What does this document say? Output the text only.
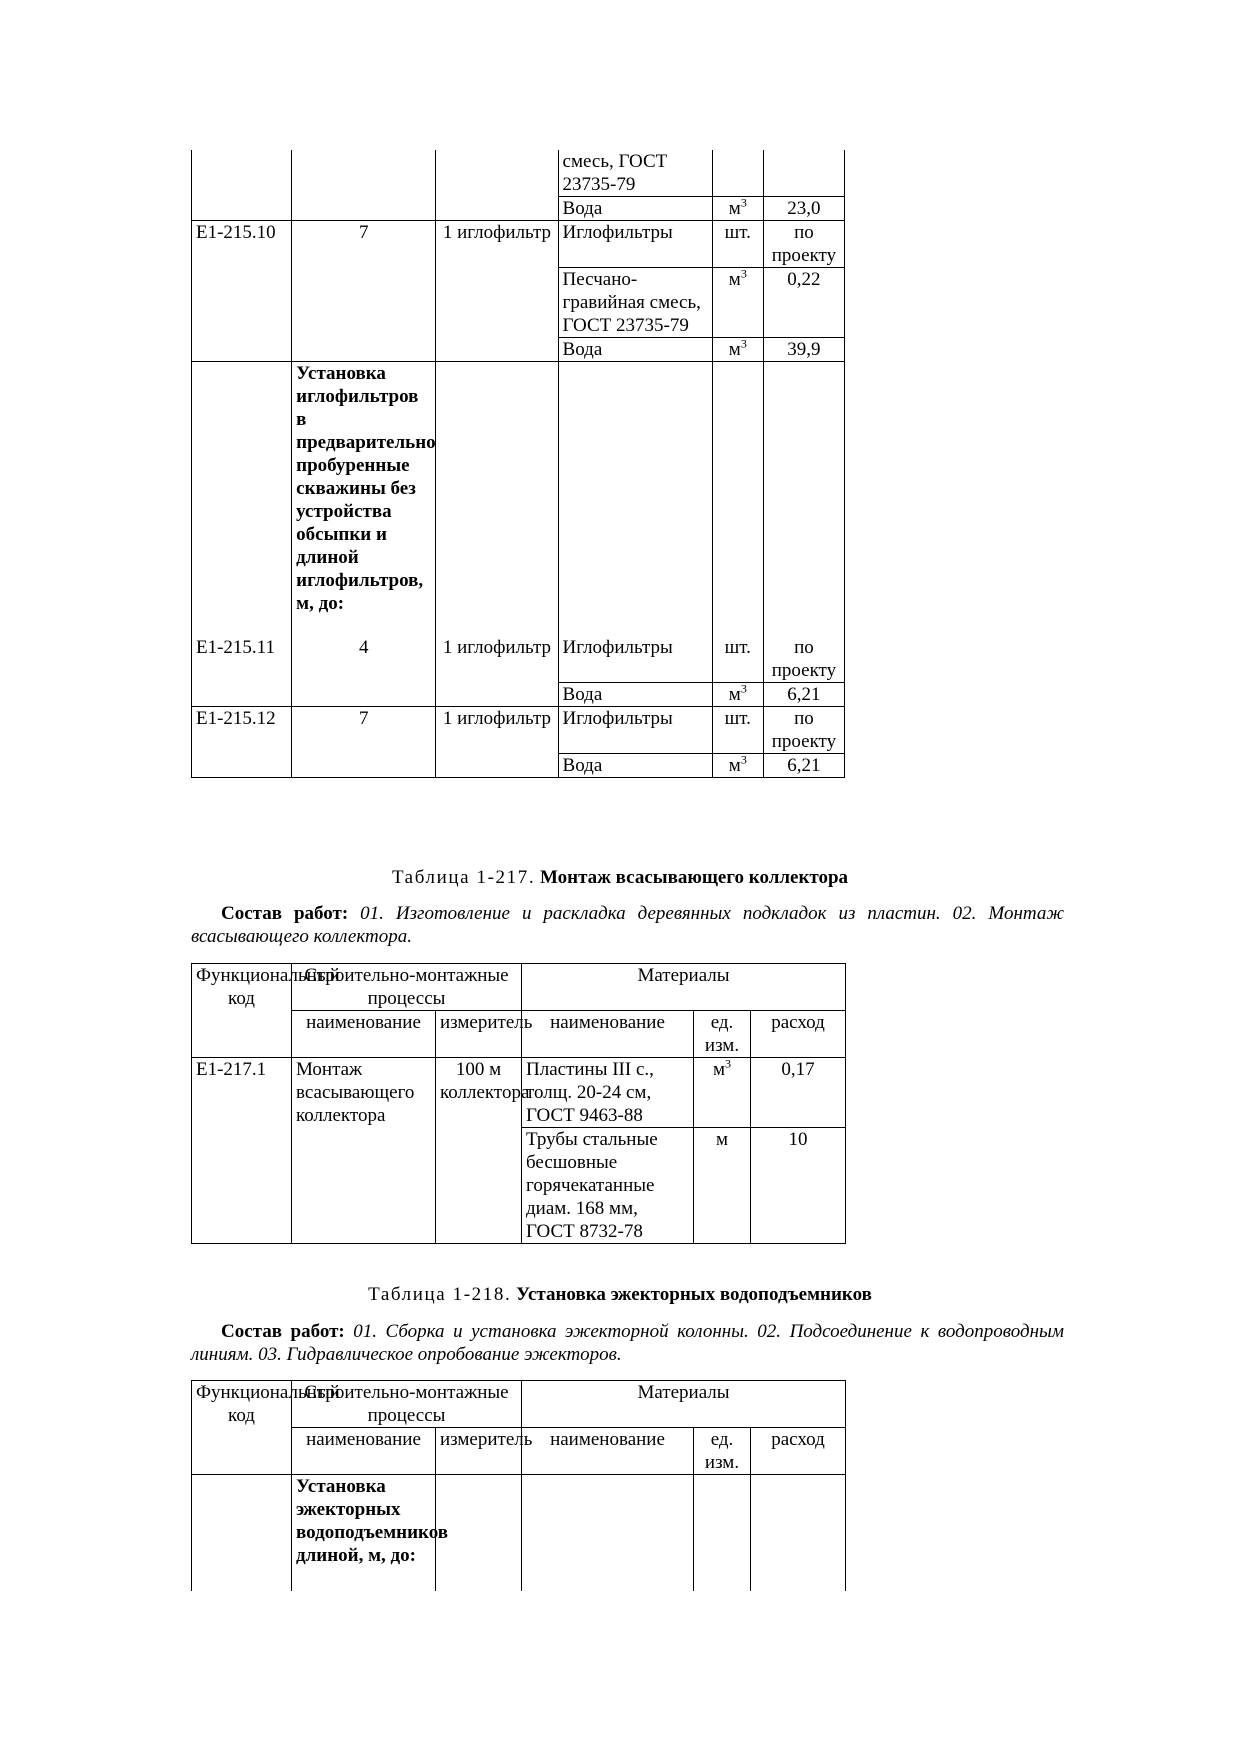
			смесь, ГОСТ 23735-79		
			Вода	$м^3$	23,0
Е1-215.10	7	1 иглофильтр	Иглофильтры	шт.	по проекту
			Песчано-гравийная смесь, ГОСТ 23735-79	$м^3$	0,22
			Вода	$м^3$	39,9
	Установка иглофильтров в предварительно пробуренные скважины без устройства обсыпки и длиной иглофильтров, м, до:				
Е1-215.11	4	1 иглофильтр	Иглофильтры	шт.	по проекту
			Вода	$м^3$	6,21
Е1-215.12	7	1 иглофильтр	Иглофильтры	шт.	по проекту
			Вода	$м^3$	6,21
Таблица 1-217. Монтаж всасывающего коллектора
Состав работ: 01. Изготовление и раскладка деревянных подкладок из пластин. 02. Монтаж всасывающего коллектора.
Функциональный код	Строительно-монтажные процессы		Материалы		
	наименование	измеритель	наименование	ед. изм.	расход
Е1-217.1	Монтаж всасывающего коллектора	100 м коллектора	Пластины III с., толщ. 20-24 см, ГОСТ 9463-88	$м^3$	0,17
			Трубы стальные бесшовные горячекатанные диам. 168 мм, ГОСТ 8732-78	м	10
Таблица 1-218. Установка эжекторных водоподъемников
Состав работ: 01. Сборка и установка эжекторной колонны. 02. Подсоединение к водопроводным линиям. 03. Гидравлическое опробование эжекторов.
Функциональный код	Строительно-монтажные процессы		Материалы		
	наименование	измеритель	наименование	ед. изм.	расход
	Установка эжекторных водоподъемников длиной, м, до:				
